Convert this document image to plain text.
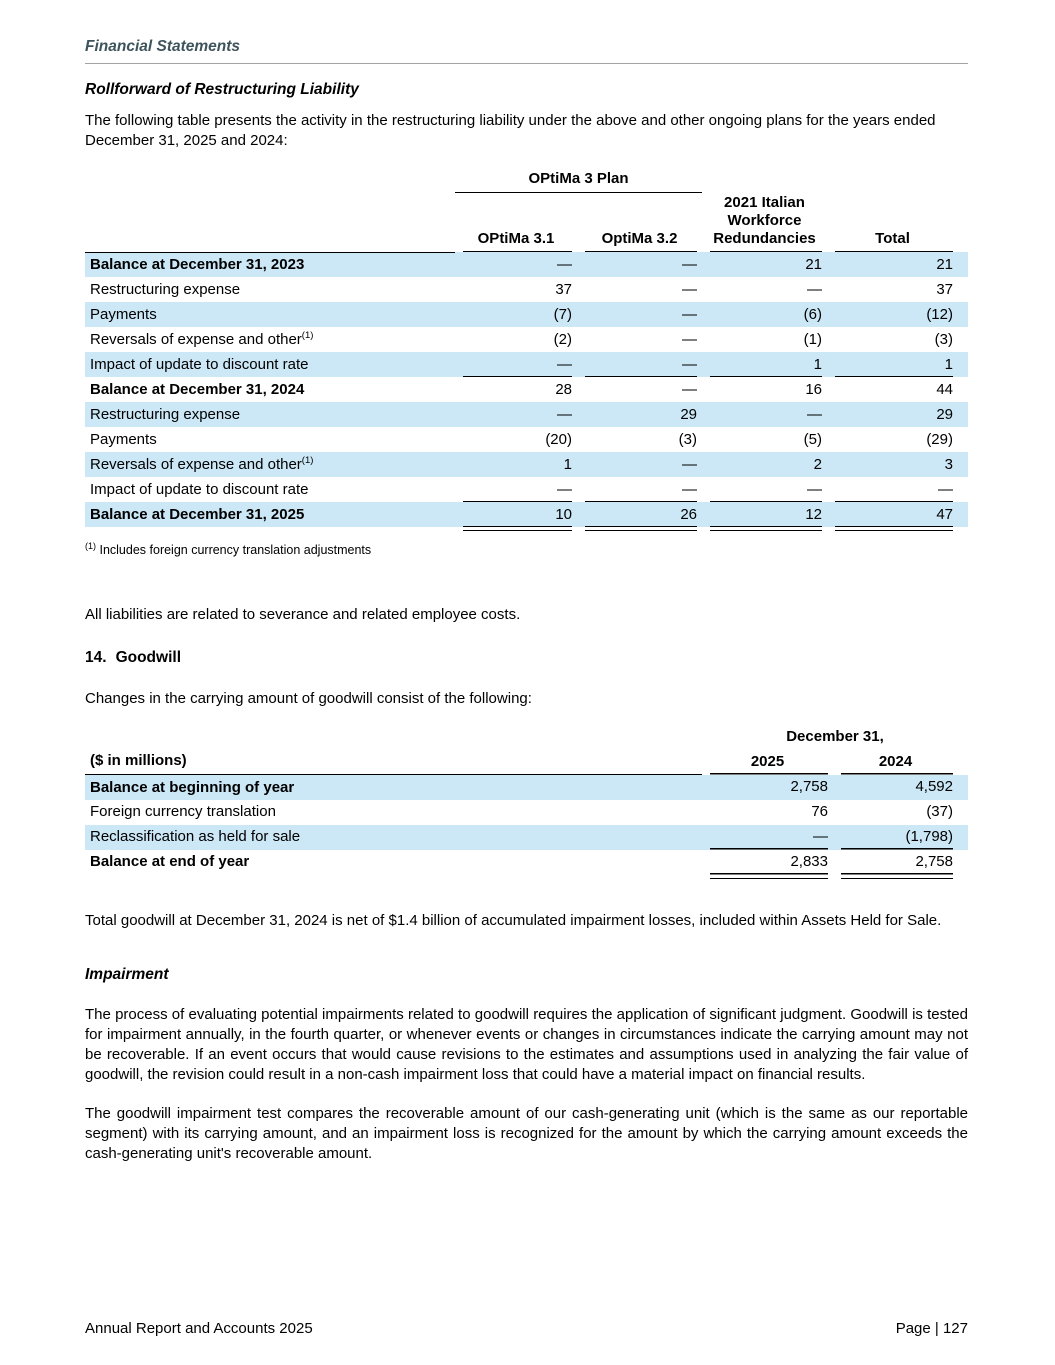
Financial Statements
Rollforward of Restructuring Liability

The following table presents the activity in the restructuring liability under the above and other ongoing plans for the years ended December 31, 2025 and 2024:

	OPtiMa 3 Plan			
	OPtiMa 3.1	OptiMa 3.2	2021 Italian Workforce Redundancies	Total
Balance at December 31, 2023	—	—	21	21
Restructuring expense	37	—	—	37
Payments	(7)	—	(6)	(12)
Reversals of expense and other$^{(1)}$	(2)	—	(1)	(3)
Impact of update to discount rate	—	—	1	1
Balance at December 31, 2024	28	—	16	44
Restructuring expense	—	29	—	29
Payments	(20)	(3)	(5)	(29)
Reversals of expense and other$^{(1)}$	1	—	2	3
Impact of update to discount rate	—	—	—	—
Balance at December 31, 2025	10	26	12	47

$^{(1)}$ Includes foreign currency translation adjustments

All liabilities are related to severance and related employee costs.

14. Goodwill

Changes in the carrying amount of goodwill consist of the following:

	December 31,	
($ in millions)	2025	2024
Balance at beginning of year	2,758	4,592
Foreign currency translation	76	(37)
Reclassification as held for sale	—	(1,798)
Balance at end of year	2,833	2,758

Total goodwill at December 31, 2024 is net of $1.4 billion of accumulated impairment losses, included within Assets Held for Sale.

Impairment

The process of evaluating potential impairments related to goodwill requires the application of significant judgment. Goodwill is tested for impairment annually, in the fourth quarter, or whenever events or changes in circumstances indicate the carrying amount may not be recoverable. If an event occurs that would cause revisions to the estimates and assumptions used in analyzing the fair value of goodwill, the revision could result in a non-cash impairment loss that could have a material impact on financial results.

The goodwill impairment test compares the recoverable amount of our cash-generating unit (which is the same as our reportable segment) with its carrying amount, and an impairment loss is recognized for the amount by which the carrying amount exceeds the cash-generating unit's recoverable amount.

Annual Report and Accounts 2025	Page | 127
